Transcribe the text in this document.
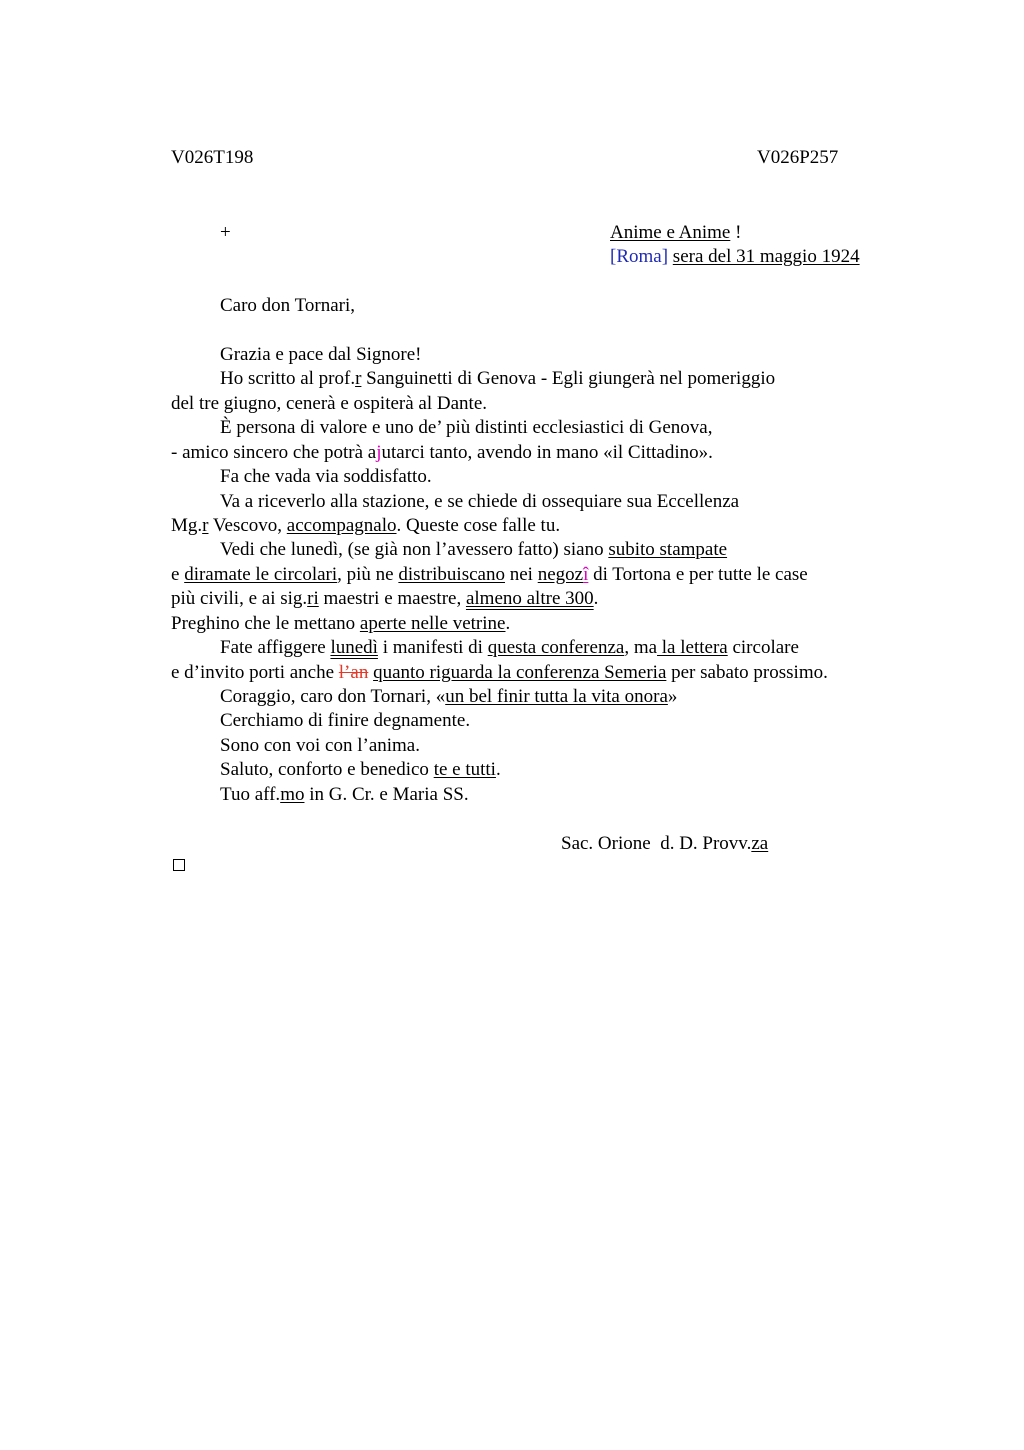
V026T198	V026P257
+	Anime e Anime !
[Roma] sera del 31 maggio 1924
Caro don Tornari,
Grazia e pace dal Signore!
Ho scritto al prof.r Sanguinetti di Genova - Egli giungerà nel pomeriggio
del tre giugno, cenerà e ospiterà al Dante.
È persona di valore e uno de’ più distinti ecclesiastici di Genova,
- amico sincero che potrà ajutarci tanto, avendo in mano «il Cittadino».
Fa che vada via soddisfatto.
Va a riceverlo alla stazione, e se chiede di ossequiare sua Eccellenza
Mg.r Vescovo, accompagnalo. Queste cose falle tu.
Vedi che lunedì, (se già non l’avessero fatto) siano subito stampate
e diramate le circolari, più ne distribuiscano nei negozî di Tortona e per tutte le case
più civili, e ai sig.ri maestri e maestre, almeno altre 300.
Preghino che le mettano aperte nelle vetrine.
Fate affiggere lunedì i manifesti di questa conferenza, ma la lettera circolare
e d’invito porti anche l’an quanto riguarda la conferenza Semeria per sabato prossimo.
Coraggio, caro don Tornari, «un bel finir tutta la vita onora»
Cerchiamo di finire degnamente.
Sono con voi con l’anima.
Saluto, conforto e benedico te e tutti.
Tuo aff.mo in G. Cr. e Maria SS.
Sac. Orione  d. D. Provv.za
